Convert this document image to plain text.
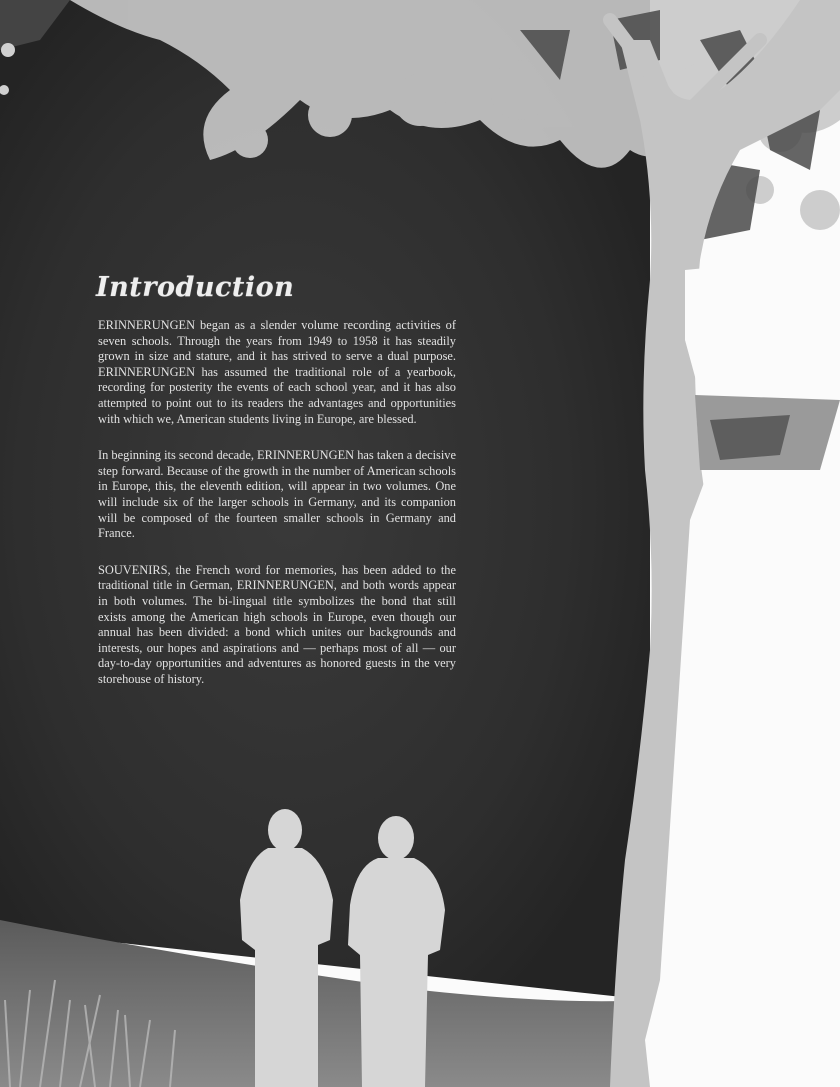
Introduction

ERINNERUNGEN began as a slender volume recording activities of seven schools. Through the years from 1949 to 1958 it has steadily grown in size and stature, and it has strived to serve a dual purpose. ERINNERUNGEN has assumed the traditional role of a yearbook, recording for posterity the events of each school year, and it has also attempted to point out to its readers the advantages and opportunities with which we, American students living in Europe, are blessed.

In beginning its second decade, ERINNERUNGEN has taken a decisive step forward. Because of the growth in the number of American schools in Europe, this, the eleventh edition, will appear in two volumes. One will include six of the larger schools in Germany, and its companion will be composed of the fourteen smaller schools in Germany and France.

SOUVENIRS, the French word for memories, has been added to the traditional title in German, ERINNERUNGEN, and both words appear in both volumes. The bi-lingual title symbolizes the bond that still exists among the American high schools in Europe, even though our annual has been divided: a bond which unites our backgrounds and interests, our hopes and aspirations and — perhaps most of all — our day-to-day opportunities and adventures as honored guests in the very storehouse of history.
